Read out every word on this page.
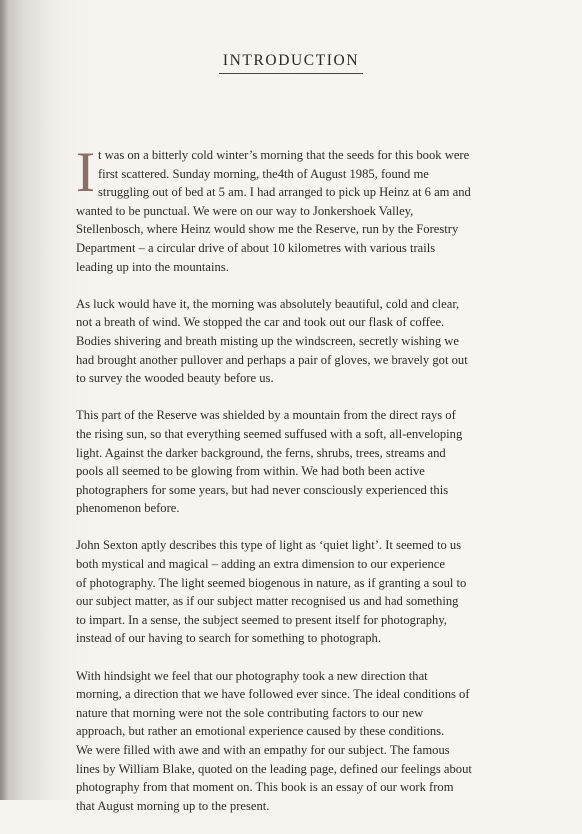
INTRODUCTION

I t was on a bitterly cold winter’s morning that the seeds for this book were
first scattered. Sunday morning, the4th of August 1985, found me
struggling out of bed at 5 am. I had arranged to pick up Heinz at 6 am and
wanted to be punctual. We were on our way to Jonkershoek Valley,
Stellenbosch, where Heinz would show me the Reserve, run by the Forestry
Department – a circular drive of about 10 kilometres with various trails
leading up into the mountains.

As luck would have it, the morning was absolutely beautiful, cold and clear,
not a breath of wind. We stopped the car and took out our flask of coffee.
Bodies shivering and breath misting up the windscreen, secretly wishing we
had brought another pullover and perhaps a pair of gloves, we bravely got out
to survey the wooded beauty before us.

This part of the Reserve was shielded by a mountain from the direct rays of
the rising sun, so that everything seemed suffused with a soft, all-enveloping
light. Against the darker background, the ferns, shrubs, trees, streams and
pools all seemed to be glowing from within. We had both been active
photographers for some years, but had never consciously experienced this
phenomenon before.

John Sexton aptly describes this type of light as ‘quiet light’. It seemed to us
both mystical and magical – adding an extra dimension to our experience
of photography. The light seemed biogenous in nature, as if granting a soul to
our subject matter, as if our subject matter recognised us and had something
to impart. In a sense, the subject seemed to present itself for photography,
instead of our having to search for something to photograph.

With hindsight we feel that our photography took a new direction that
morning, a direction that we have followed ever since. The ideal conditions of
nature that morning were not the sole contributing factors to our new
approach, but rather an emotional experience caused by these conditions.
We were filled with awe and with an empathy for our subject. The famous
lines by William Blake, quoted on the leading page, defined our feelings about
photography from that moment on. This book is an essay of our work from
that August morning up to the present.
